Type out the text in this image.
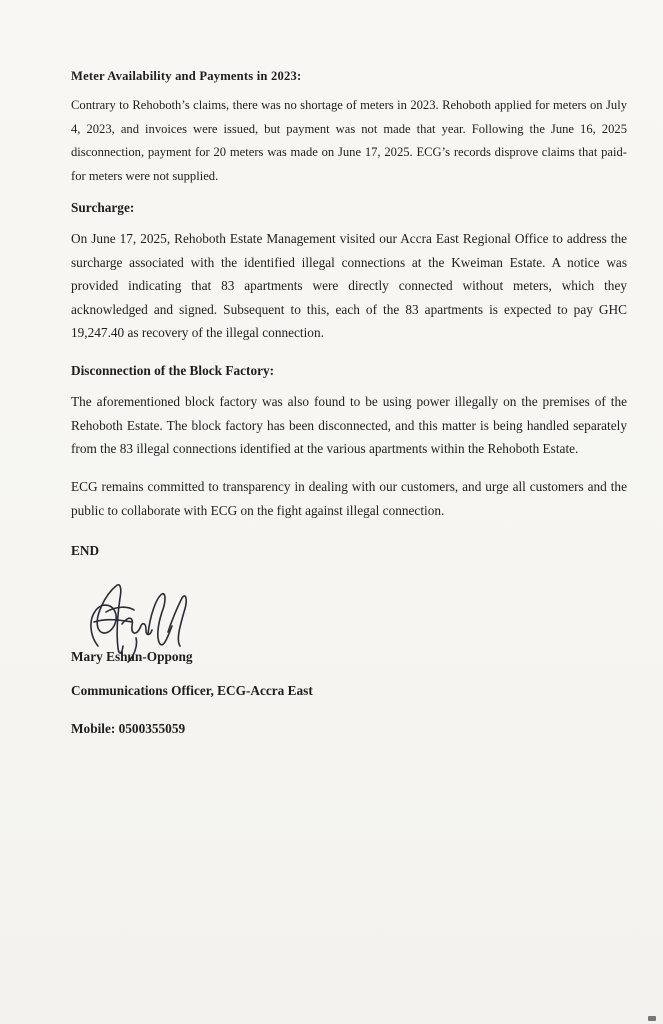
Meter Availability and Payments in 2023:

Contrary to Rehoboth’s claims, there was no shortage of meters in 2023. Rehoboth applied for meters on July 4, 2023, and invoices were issued, but payment was not made that year. Following the June 16, 2025 disconnection, payment for 20 meters was made on June 17, 2025. ECG’s records disprove claims that paid-for meters were not supplied.

Surcharge:

On June 17, 2025, Rehoboth Estate Management visited our Accra East Regional Office to address the surcharge associated with the identified illegal connections at the Kweiman Estate. A notice was provided indicating that 83 apartments were directly connected without meters, which they acknowledged and signed. Subsequent to this, each of the 83 apartments is expected to pay GHC 19,247.40 as recovery of the illegal connection.

Disconnection of the Block Factory:

The aforementioned block factory was also found to be using power illegally on the premises of the Rehoboth Estate. The block factory has been disconnected, and this matter is being handled separately from the 83 illegal connections identified at the various apartments within the Rehoboth Estate.

ECG remains committed to transparency in dealing with our customers, and urge all customers and the public to collaborate with ECG on the fight against illegal connection.

END

Mary Eshun-Oppong

Communications Officer, ECG-Accra East

Mobile: 0500355059
